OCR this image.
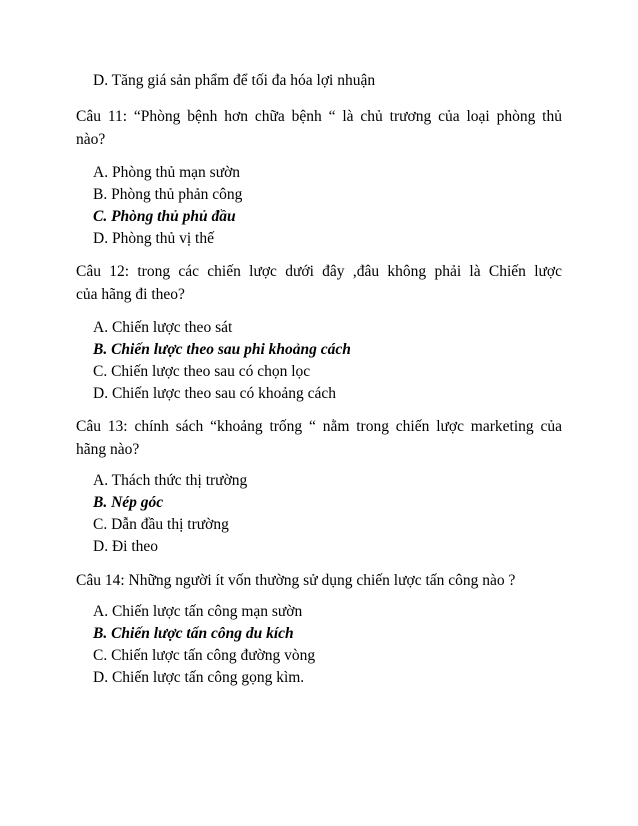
D. Tăng giá sản phẩm để tối đa hóa lợi nhuận
Câu 11: “Phòng bệnh hơn chữa bệnh “ là chủ trương của loại phòng thủ
nào?
A. Phòng thủ mạn sườn
B. Phòng thủ phản công
C. Phòng thủ phủ đầu
D. Phòng thủ vị thế
Câu 12: trong các chiến lược dưới đây ,đâu không phải là Chiến lược
của hãng đi theo?
A. Chiến lược theo sát
B. Chiến lược theo sau phi khoảng cách
C. Chiến lược theo sau có chọn lọc
D. Chiến lược theo sau có khoảng cách
Câu 13: chính sách “khoảng trống “ nằm trong chiến lược marketing của
hãng nào?
A. Thách thức thị trường
B. Nép góc
C. Dẫn đầu thị trường
D. Đi theo
Câu 14: Những người ít vốn thường sử dụng chiến lược tấn công nào ?
A. Chiến lược tấn công mạn sườn
B. Chiến lược tấn công du kích
C. Chiến lược tấn công đường vòng
D. Chiến lược tấn công gọng kìm.
